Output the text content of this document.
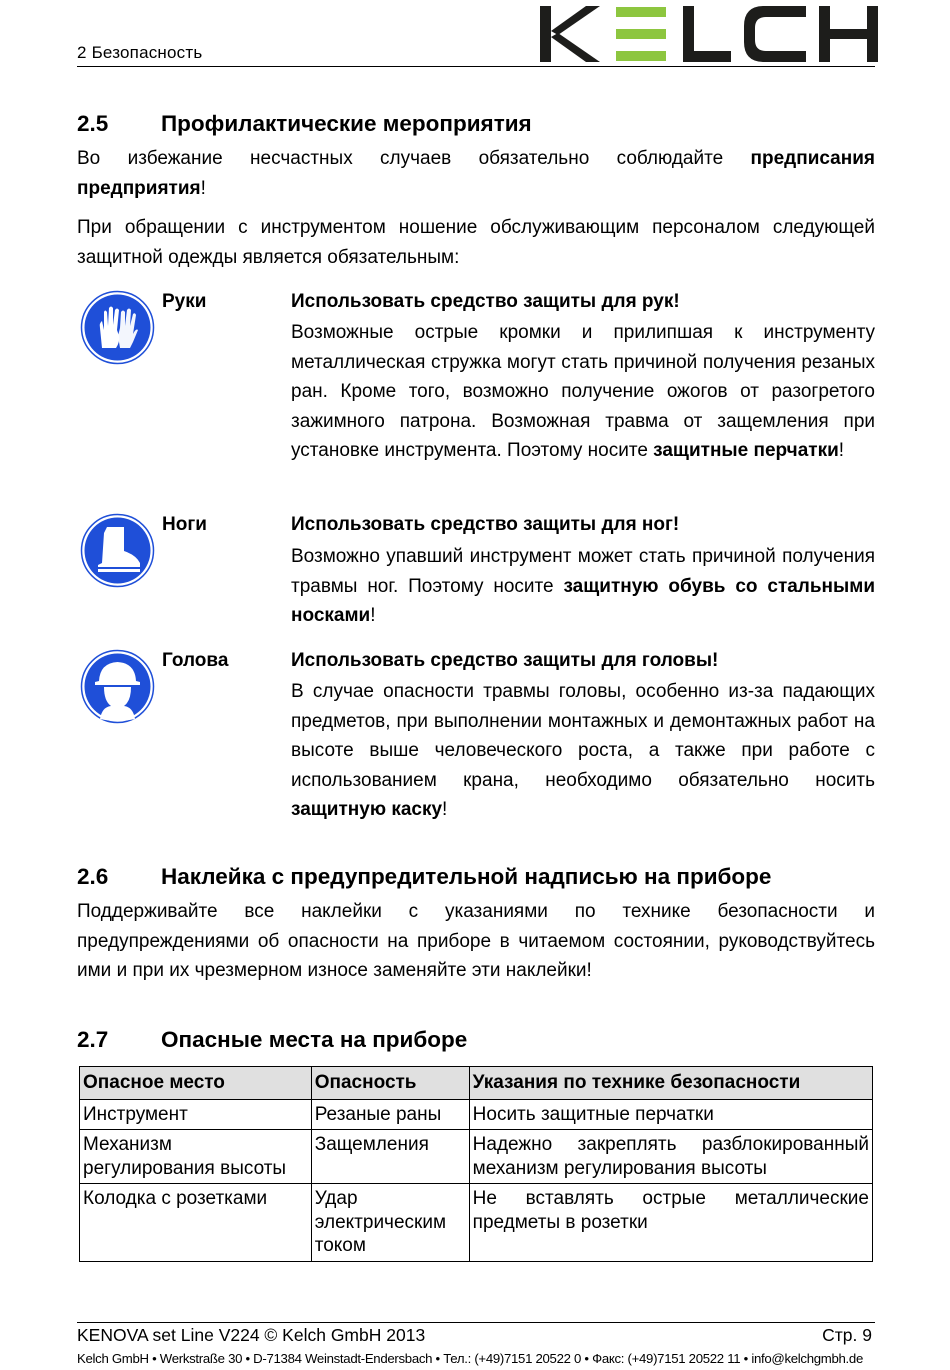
2 Безопасность
2.5 Профилактические мероприятия

Во избежание несчастных случаев обязательно соблюдайте предписания предприятия!

При обращении с инструментом ношение обслуживающим персоналом следующей защитной одежды является обязательным:

Руки	Использовать средство защиты для рук!

Возможные острые кромки и прилипшая к инструменту металлическая стружка могут стать причиной получения резаных ран. Кроме того, возможно получение ожогов от разогретого зажимного патрона. Возможная травма от защемления при установке инструмента. Поэтому носите защитные перчатки!

Ноги	Использовать средство защиты для ног!

Возможно упавший инструмент может стать причиной получения травмы ног. Поэтому носите защитную обувь со стальными носками!

Голова	Использовать средство защиты для головы!

В случае опасности травмы головы, особенно из-за падающих предметов, при выполнении монтажных и демонтажных работ на высоте выше человеческого роста, а также при работе с использованием крана, необходимо обязательно носить защитную каску!

2.6 Наклейка с предупредительной надписью на приборе

Поддерживайте все наклейки с указаниями по технике безопасности и предупреждениями об опасности на приборе в читаемом состоянии, руководствуйтесь ими и при их чрезмерном износе заменяйте эти наклейки!

2.7 Опасные места на приборе
Опасное место	Опасность	Указания по технике безопасности
Инструмент	Резаные раны	Носить защитные перчатки
Механизм регулирования высоты	Защемления	Надежно закреплять разблокированный механизм регулирования высоты
Колодка с розетками	Удар электрическим током	Не вставлять острые металлические предметы в розетки
KENOVA set Line V224 © Kelch GmbH 2013	Стр. 9
Kelch GmbH • Werkstraße 30 • D-71384 Weinstadt-Endersbach • Тел.: (+49)7151 20522 0 • Факс: (+49)7151 20522 11 • info@kelchgmbh.de
